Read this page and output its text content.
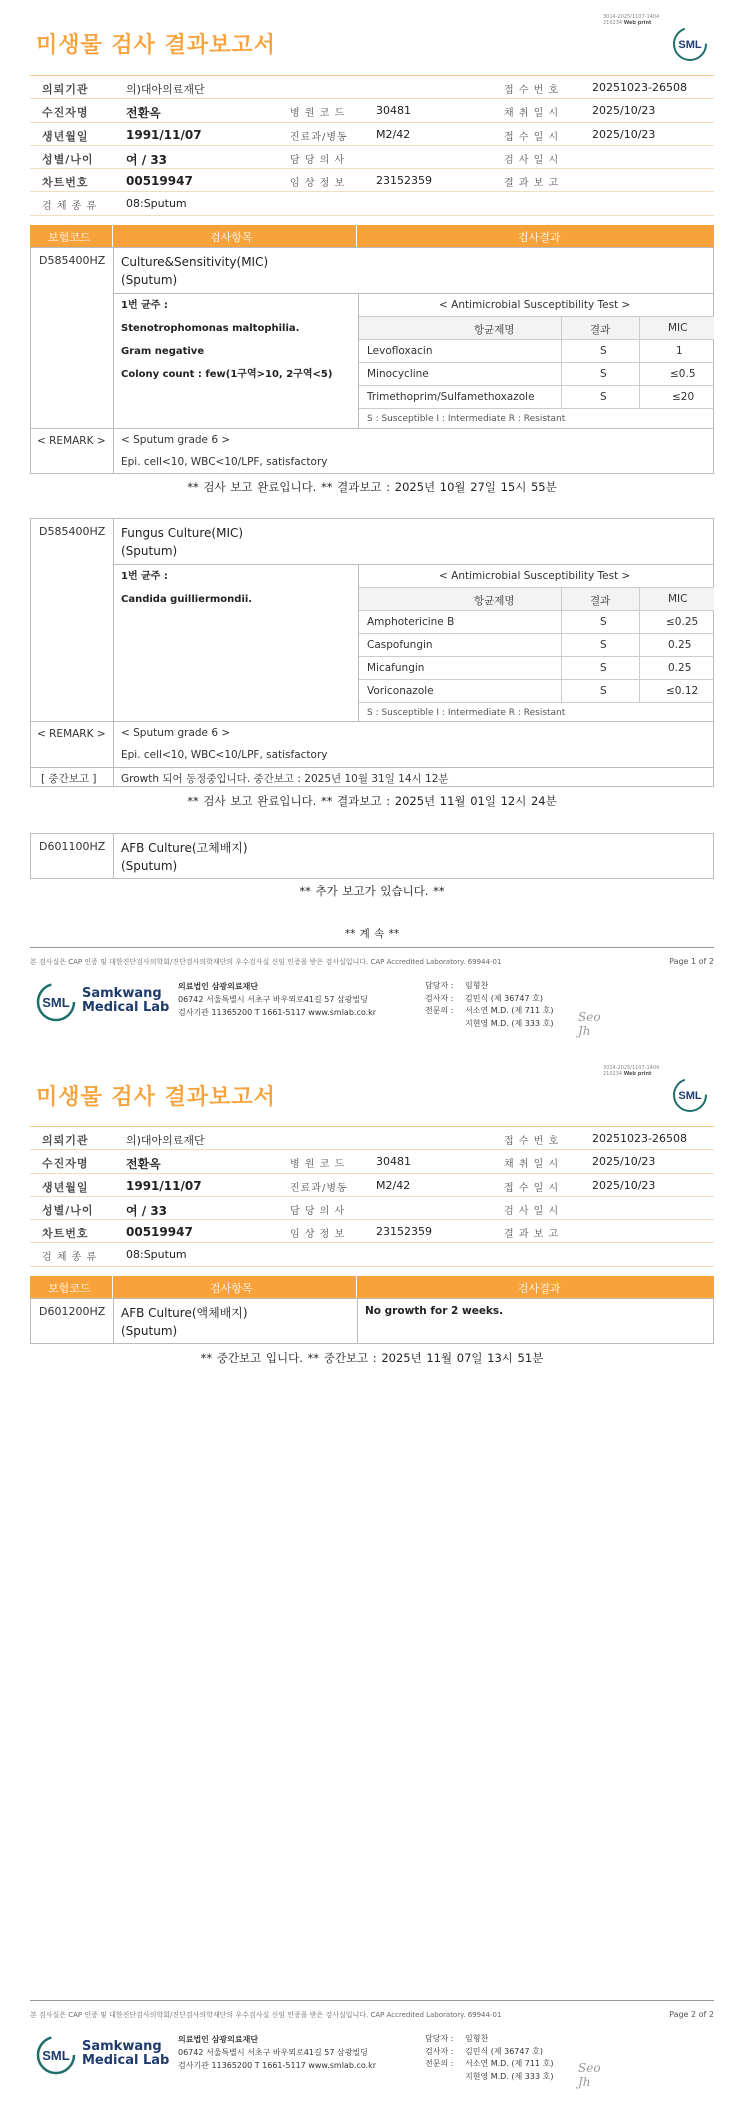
3014-2025/1107-1404
210234 Web print
SML
미생물 검사 결과보고서
의뢰기관	의)대아의료재단	접 수 번 호	20251023-26508
수진자명	전환옥	병 원 코 드	30481	채 취 일 시	2025/10/23
생년월일	1991/11/07	진료과/병동	M2/42	접 수 일 시	2025/10/23
성별/나이	여 / 33	담 당 의 사	검 사 일 시
차트번호	00519947	임 상 정 보	23152359	결 과 보 고
검 체 종 류	08:Sputum
보험코드	검사항목	검사결과
D585400HZ Culture&Sensitivity(MIC)
(Sputum)
1번 균주 :
Stenotrophomonas maltophilia.
Gram negative
Colony count : few(1구역>10, 2구역<5)
< Antimicrobial Susceptibility Test >
항균제명	결과	MIC
Levofloxacin	S	1
Minocycline	S	≤0.5
Trimethoprim/Sulfamethoxazole	S	≤20
S : Susceptible I : Intermediate R : Resistant
< REMARK > < Sputum grade 6 >
Epi. cell<10, WBC<10/LPF, satisfactory
** 검사 보고 완료입니다. ** 결과보고 : 2025년 10월 27일 15시 55분
D585400HZ Fungus Culture(MIC)
(Sputum)
1번 균주 :
Candida guilliermondii.
< Antimicrobial Susceptibility Test >
항균제명	결과	MIC
Amphotericine B	S	≤0.25
Caspofungin	S	0.25
Micafungin	S	0.25
Voriconazole	S	≤0.12
S : Susceptible I : Intermediate R : Resistant
< REMARK > < Sputum grade 6 >
Epi. cell<10, WBC<10/LPF, satisfactory
[ 중간보고 ] Growth 되어 동정중입니다. 중간보고 : 2025년 10월 31일 14시 12분
** 검사 보고 완료입니다. ** 결과보고 : 2025년 11월 01일 12시 24분
D601100HZ AFB Culture(고체배지)
(Sputum)
** 추가 보고가 있습니다. **
** 계 속 **
본 검사실은 CAP 인증 및 대한진단검사의학회/진단검사의학재단의 우수검사실 신임 인증을 받은 검사실입니다. CAP Accredited Laboratory. 69944-01	Page 1 of 2
SML
Samkwang
Medical Lab
의료법인 삼광의료재단
06742 서울특별시 서초구 바우뫼로41길 57 삼광빌딩
검사기관 11365200 T 1661-5117 www.smlab.co.kr
담당자 : 임형찬
검사자 : 김민식 (제 36747 호)
전문의 : 서소연 M.D. (제 711 호)
지현영 M.D. (제 333 호) Seo
Jh
3014-2025/1107-1404
210234 Web print
SML
미생물 검사 결과보고서
의뢰기관	의)대아의료재단	접 수 번 호	20251023-26508
수진자명	전환옥	병 원 코 드	30481	채 취 일 시	2025/10/23
생년월일	1991/11/07	진료과/병동	M2/42	접 수 일 시	2025/10/23
성별/나이	여 / 33	담 당 의 사	검 사 일 시
차트번호	00519947	임 상 정 보	23152359	결 과 보 고
검 체 종 류	08:Sputum
보험코드	검사항목	검사결과
D601200HZ AFB Culture(액체배지)
(Sputum)
No growth for 2 weeks.
** 중간보고 입니다. ** 중간보고 : 2025년 11월 07일 13시 51분
본 검사실은 CAP 인증 및 대한진단검사의학회/진단검사의학재단의 우수검사실 신임 인증을 받은 검사실입니다. CAP Accredited Laboratory. 69944-01	Page 2 of 2
SML
Samkwang
Medical Lab
의료법인 삼광의료재단
06742 서울특별시 서초구 바우뫼로41길 57 삼광빌딩
검사기관 11365200 T 1661-5117 www.smlab.co.kr
담당자 : 임형찬
검사자 : 김민식 (제 36747 호)
전문의 : 서소연 M.D. (제 711 호)
지현영 M.D. (제 333 호)
Seo
Jh
